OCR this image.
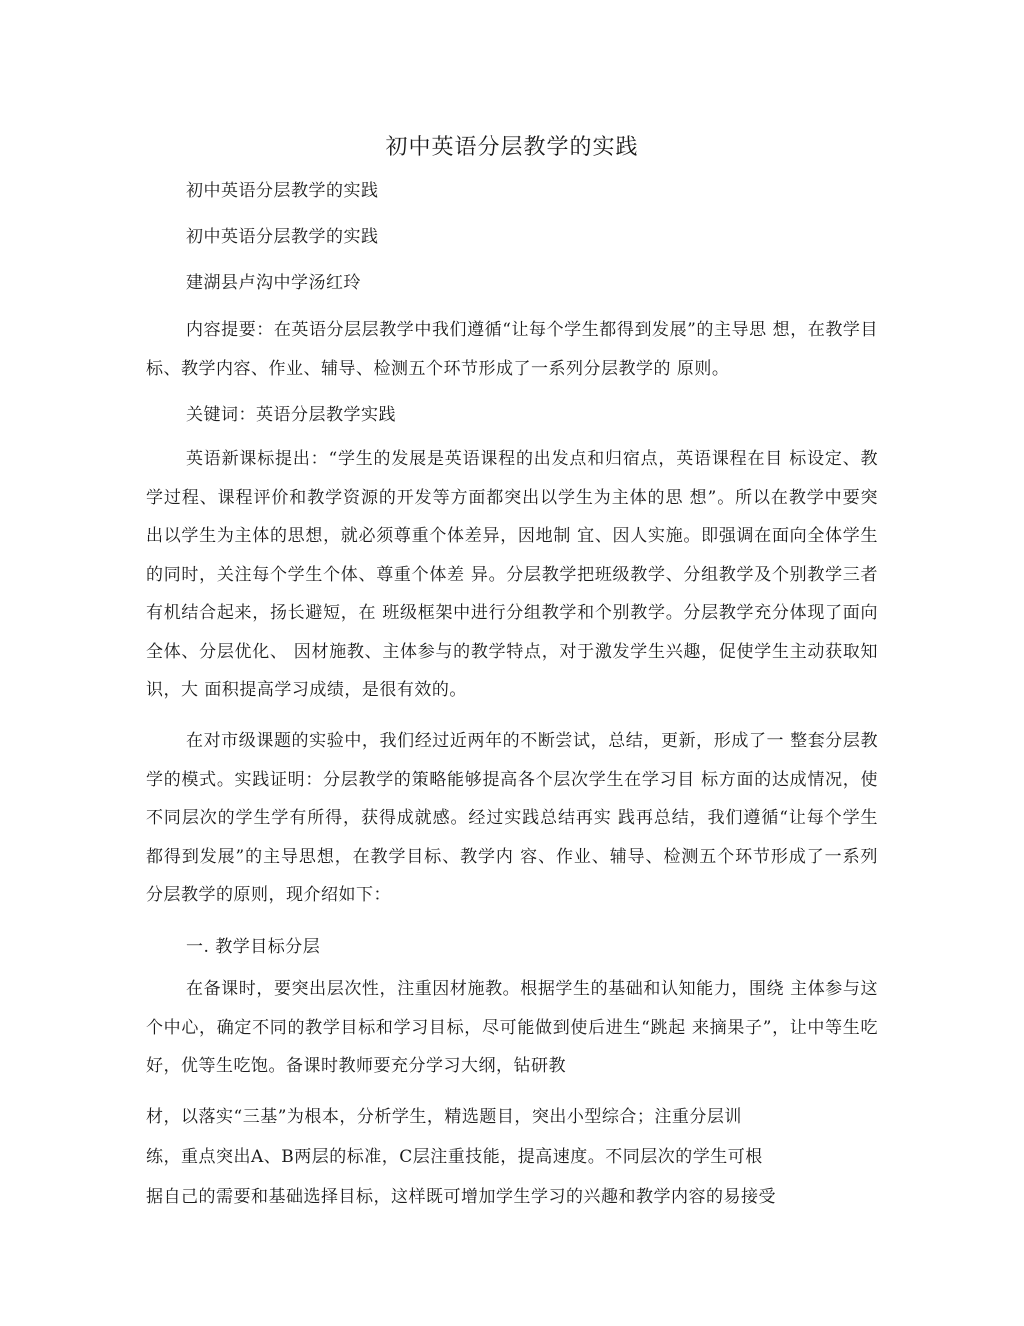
初中英语分层教学的实践
初中英语分层教学的实践
初中英语分层教学的实践
建湖县卢沟中学汤红玲
内容提要：在英语分层层教学中我们遵循“让每个学生都得到发展”的主导思 想，在教学目标、教学内容、作业、辅导、检测五个环节形成了一系列分层教学的 原则。
关键词：英语分层教学实践
英语新课标提出：“学生的发展是英语课程的出发点和归宿点，英语课程在目 标设定、教学过程、课程评价和教学资源的开发等方面都突出以学生为主体的思 想”。所以在教学中要突出以学生为主体的思想，就必须尊重个体差异，因地制 宜、因人实施。即强调在面向全体学生的同时，关注每个学生个体、尊重个体差 异。分层教学把班级教学、分组教学及个别教学三者有机结合起来，扬长避短，在 班级框架中进行分组教学和个别教学。分层教学充分体现了面向全体、分层优化、 因材施教、主体参与的教学特点，对于激发学生兴趣，促使学生主动获取知识，大 面积提高学习成绩，是很有效的。
在对市级课题的实验中，我们经过近两年的不断尝试，总结，更新，形成了一 整套分层教学的模式。实践证明：分层教学的策略能够提高各个层次学生在学习目 标方面的达成情况，使不同层次的学生学有所得，获得成就感。经过实践总结再实 践再总结，我们遵循“让每个学生都得到发展”的主导思想，在教学目标、教学内 容、作业、辅导、检测五个环节形成了一系列分层教学的原则，现介绍如下：
一. 教学目标分层
在备课时，要突出层次性，注重因材施教。根据学生的基础和认知能力，围绕 主体参与这个中心，确定不同的教学目标和学习目标，尽可能做到使后进生“跳起 来摘果子”，让中等生吃好，优等生吃饱。备课时教师要充分学习大纲，钻研教
材，以落实“三基”为根本，分析学生，精选题目，突出小型综合；注重分层训
练，重点突出A、B两层的标准，C层注重技能，提高速度。不同层次的学生可根
据自己的需要和基础选择目标，这样既可增加学生学习的兴趣和教学内容的易接受
